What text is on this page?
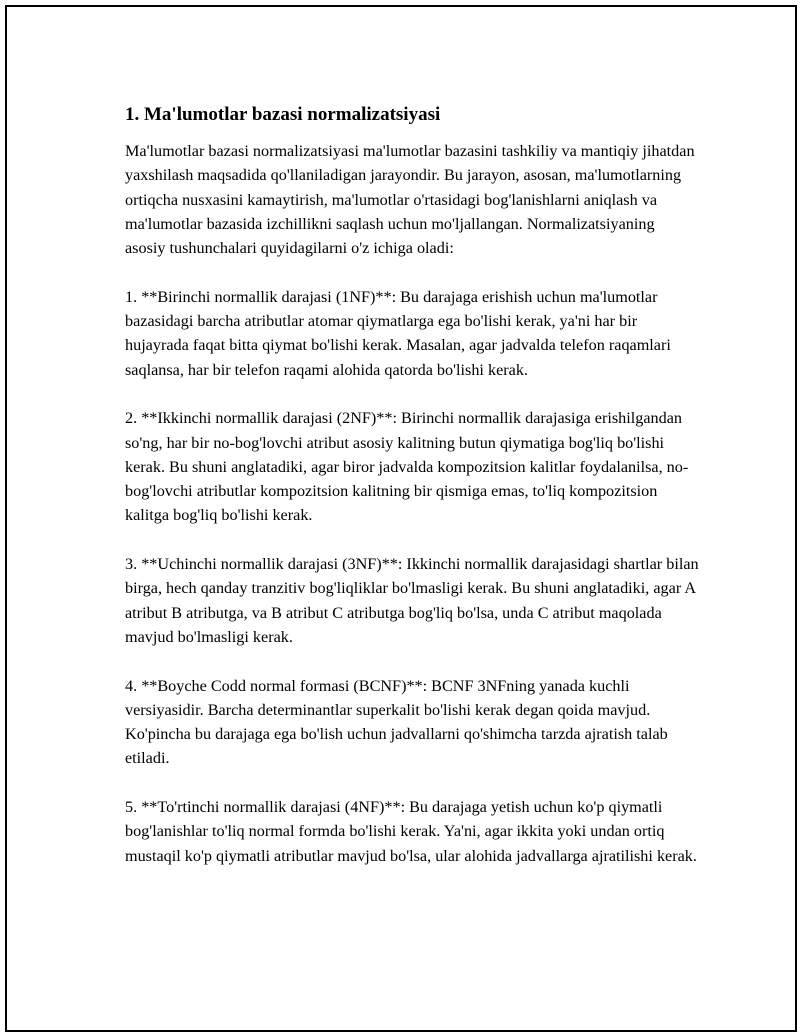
1. Ma'lumotlar bazasi normalizatsiyasi

Ma'lumotlar bazasi normalizatsiyasi ma'lumotlar bazasini tashkiliy va mantiqiy jihatdan yaxshilash maqsadida qo'llaniladigan jarayondir. Bu jarayon, asosan, ma'lumotlarning ortiqcha nusxasini kamaytirish, ma'lumotlar o'rtasidagi bog'lanishlarni aniqlash va ma'lumotlar bazasida izchillikni saqlash uchun mo'ljallangan. Normalizatsiyaning asosiy tushunchalari quyidagilarni o'z ichiga oladi:

1. **Birinchi normallik darajasi (1NF)**: Bu darajaga erishish uchun ma'lumotlar bazasidagi barcha atributlar atomar qiymatlarga ega bo'lishi kerak, ya'ni har bir hujayrada faqat bitta qiymat bo'lishi kerak. Masalan, agar jadvalda telefon raqamlari saqlansa, har bir telefon raqami alohida qatorda bo'lishi kerak.

2. **Ikkinchi normallik darajasi (2NF)**: Birinchi normallik darajasiga erishilgandan so'ng, har bir no-bog'lovchi atribut asosiy kalitning butun qiymatiga bog'liq bo'lishi kerak. Bu shuni anglatadiki, agar biror jadvalda kompozitsion kalitlar foydalanilsa, no-bog'lovchi atributlar kompozitsion kalitning bir qismiga emas, to'liq kompozitsion kalitga bog'liq bo'lishi kerak.

3. **Uchinchi normallik darajasi (3NF)**: Ikkinchi normallik darajasidagi shartlar bilan birga, hech qanday tranzitiv bog'liqliklar bo'lmasligi kerak. Bu shuni anglatadiki, agar A atribut B atributga, va B atribut C atributga bog'liq bo'lsa, unda C atribut maqolada mavjud bo'lmasligi kerak.

4. **Boyche Codd normal formasi (BCNF)**: BCNF 3NFning yanada kuchli versiyasidir. Barcha determinantlar superkalit bo'lishi kerak degan qoida mavjud. Ko'pincha bu darajaga ega bo'lish uchun jadvallarni qo'shimcha tarzda ajratish talab etiladi.

5. **To'rtinchi normallik darajasi (4NF)**: Bu darajaga yetish uchun ko'p qiymatli bog'lanishlar to'liq normal formda bo'lishi kerak. Ya'ni, agar ikkita yoki undan ortiq mustaqil ko'p qiymatli atributlar mavjud bo'lsa, ular alohida jadvallarga ajratilishi kerak.
